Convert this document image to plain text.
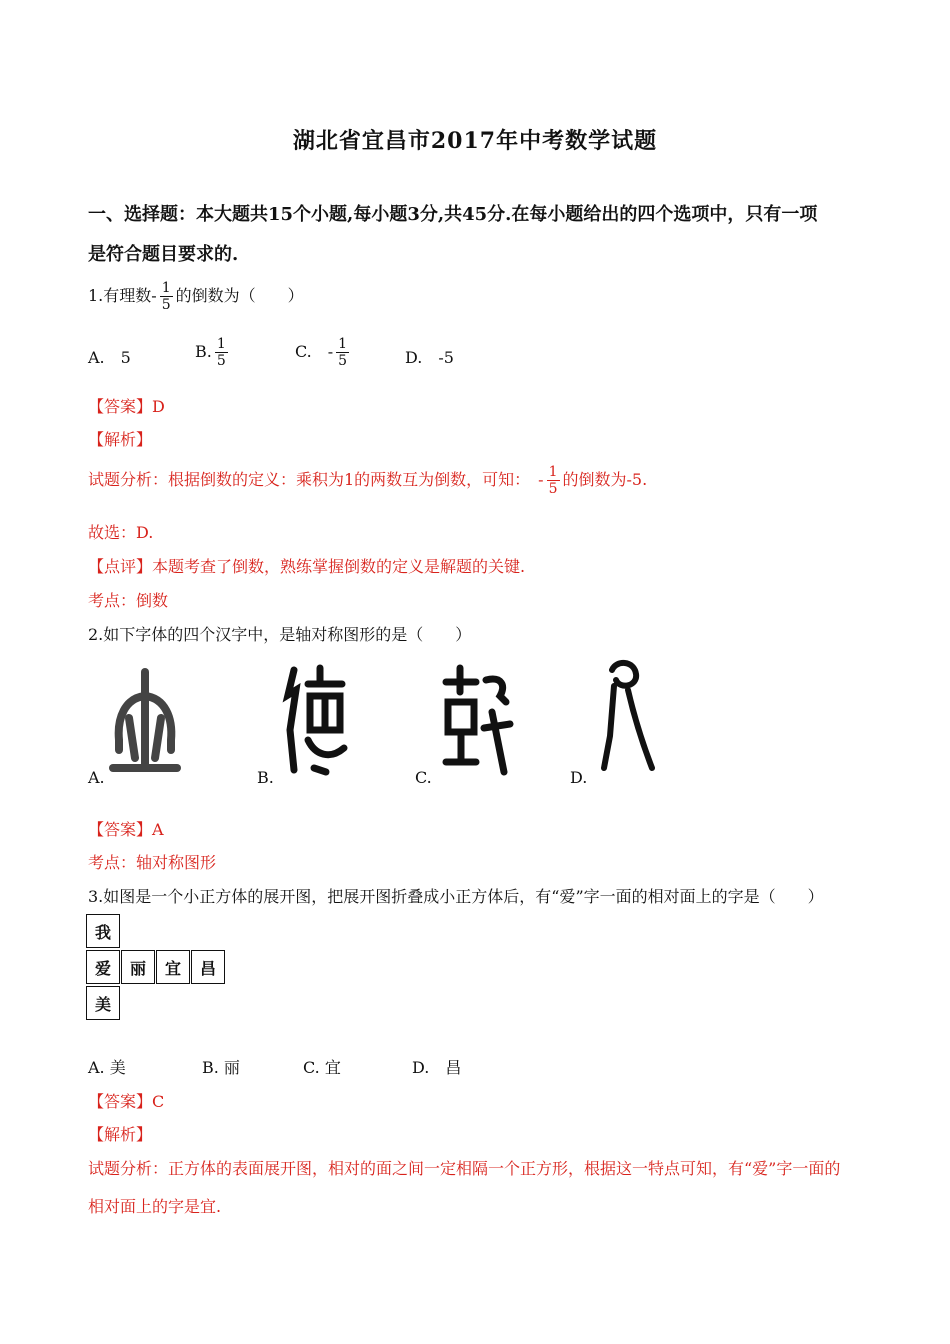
湖北省宜昌市2017年中考数学试题
一、选择题：本大题共15个小题,每小题3分,共45分.在每小题给出的四个选项中，只有一项
是符合题目要求的.
1.有理数- $\frac{1}{5}$ 的倒数为（　　）
A.　5	B. $\frac{1}{5}$	C.　- $\frac{1}{5}$	D.　-5
【答案】D
【解析】
试题分析：根据倒数的定义：乘积为1的两数互为倒数，可知：　- $\frac{1}{5}$ 的倒数为-5.
故选：D.
【点评】本题考查了倒数，熟练掌握倒数的定义是解题的关键.
考点：倒数
2.如下字体的四个汉字中，是轴对称图形的是（　　）
A.	B.	C.	D.
【答案】A
考点：轴对称图形
3.如图是一个小正方体的展开图，把展开图折叠成小正方体后，有“爱”字一面的相对面上的字是（　　）
我
爱	丽	宜	昌
美
A. 美	B. 丽	C. 宜	D.　昌
【答案】C
【解析】
试题分析：正方体的表面展开图，相对的面之间一定相隔一个正方形，根据这一特点可知，有“爱”字一面的
相对面上的字是宜.
